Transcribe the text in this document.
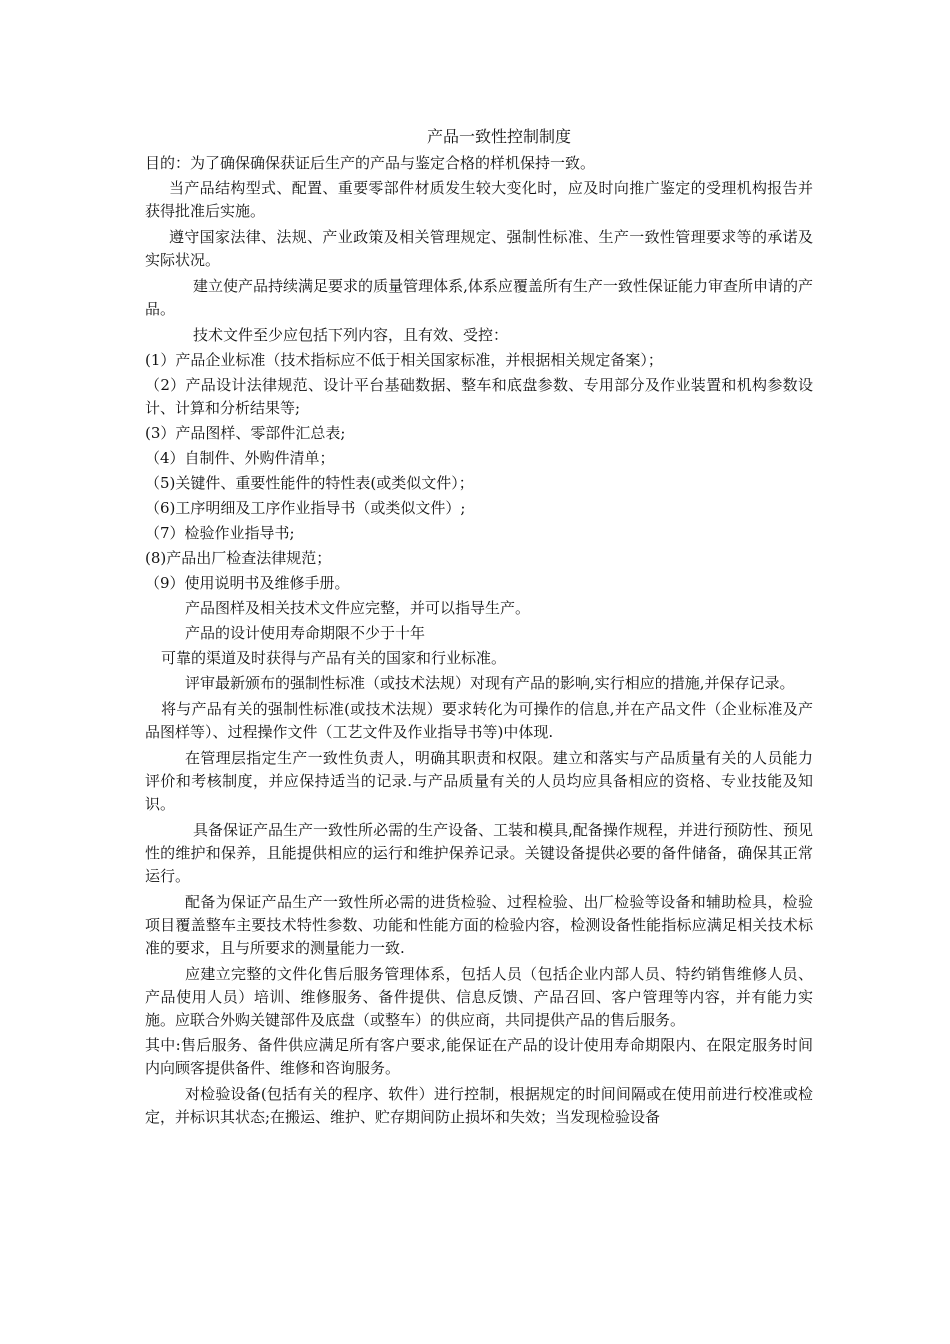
产品一致性控制制度
目的：为了确保确保获证后生产的产品与鉴定合格的样机保持一致。
当产品结构型式、配置、重要零部件材质发生较大变化时，应及时向推广鉴定的受理机构报告并获得批准后实施。
遵守国家法律、法规、产业政策及相关管理规定、强制性标准、生产一致性管理要求等的承诺及实际状况。
建立使产品持续满足要求的质量管理体系,体系应覆盖所有生产一致性保证能力审查所申请的产品。
技术文件至少应包括下列内容，且有效、受控：
(1）产品企业标准（技术指标应不低于相关国家标准，并根据相关规定备案）；
（2）产品设计法律规范、设计平台基础数据、整车和底盘参数、专用部分及作业装置和机构参数设计、计算和分析结果等;
(3）产品图样、零部件汇总表;
（4）自制件、外购件清单；
（5)关键件、重要性能件的特性表(或类似文件）；
（6)工序明细及工序作业指导书（或类似文件）;
（7）检验作业指导书;
(8)产品出厂检查法律规范；
（9）使用说明书及维修手册。
产品图样及相关技术文件应完整，并可以指导生产。
产品的设计使用寿命期限不少于十年
可靠的渠道及时获得与产品有关的国家和行业标准。
评审最新颁布的强制性标准（或技术法规）对现有产品的影响,实行相应的措施,并保存记录。
将与产品有关的强制性标准(或技术法规）要求转化为可操作的信息,并在产品文件（企业标准及产品图样等）、过程操作文件（工艺文件及作业指导书等)中体现.
在管理层指定生产一致性负责人，明确其职责和权限。建立和落实与产品质量有关的人员能力评价和考核制度，并应保持适当的记录.与产品质量有关的人员均应具备相应的资格、专业技能及知识。
具备保证产品生产一致性所必需的生产设备、工装和模具,配备操作规程，并进行预防性、预见性的维护和保养，且能提供相应的运行和维护保养记录。关键设备提供必要的备件储备，确保其正常运行。
配备为保证产品生产一致性所必需的进货检验、过程检验、出厂检验等设备和辅助检具，检验项目覆盖整车主要技术特性参数、功能和性能方面的检验内容，检测设备性能指标应满足相关技术标准的要求，且与所要求的测量能力一致.
应建立完整的文件化售后服务管理体系，包括人员（包括企业内部人员、特约销售维修人员、产品使用人员）培训、维修服务、备件提供、信息反馈、产品召回、客户管理等内容，并有能力实施。应联合外购关键部件及底盘（或整车）的供应商，共同提供产品的售后服务。
其中:售后服务、备件供应满足所有客户要求,能保证在产品的设计使用寿命期限内、在限定服务时间内向顾客提供备件、维修和咨询服务。
对检验设备(包括有关的程序、软件）进行控制，根据规定的时间间隔或在使用前进行校准或检定，并标识其状态;在搬运、维护、贮存期间防止损坏和失效；当发现检验设备
